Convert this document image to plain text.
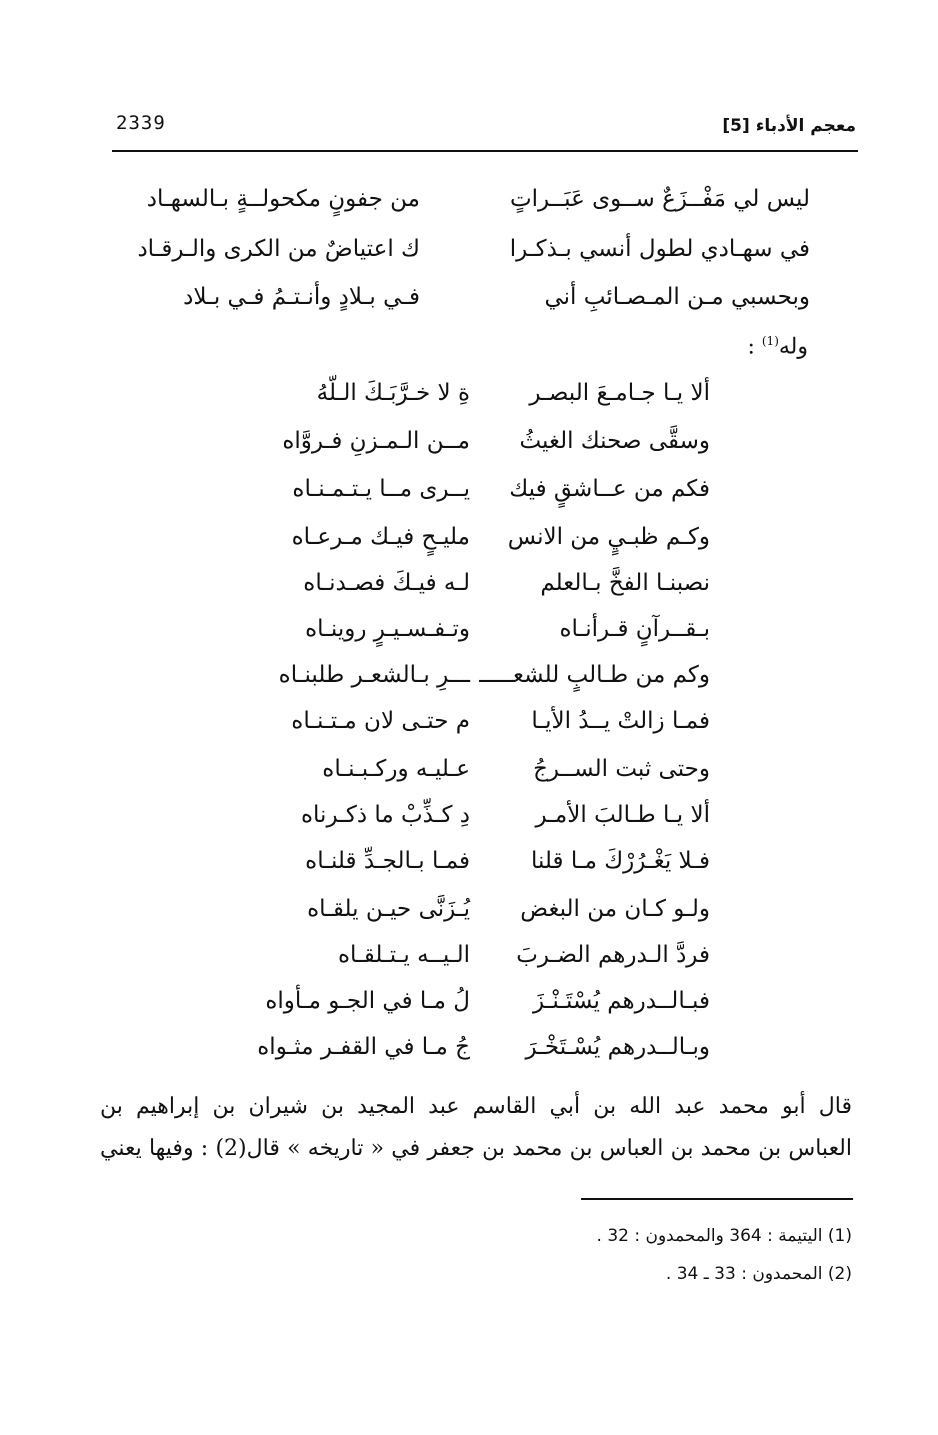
2339	معجم الأدباء [5]
ليس لي مَفْــزَعٌ ســوى عَبَــراتٍ
من جفونٍ مكحولــةٍ بـالسهـاد
في سهـادي لطول أنسي بـذكـرا
ك اعتياضٌ من الكرى والـرقـاد
وبحسبي مـن المـصـائبِ أني
فـي بـلادٍ وأنـتـمُ فـي بـلاد
وله$^{(1)}$ :
ألا يـا جـامـعَ البصـر
ةِ لا خـرَّبَـكَ الـلّهُ
وسقَّى صحنك الغيثُ
مــن الـمـزنِ فـروَّاه
فكم من عــاشقٍ فيك
يــرى مــا يـتـمـنـاه
وكـم ظبـيٍ من الانس
مليـحٍ فيـك مـرعـاه
نصبنـا الفخَّ بـالعلم
لـه فيـكَ فصـدنـاه
بـقــرآنٍ قـرأنـاه
وتـفـسـيـرٍ روينـاه
وكم من طـالبٍ للشعـــــ
ـــرِ بـالشعـر طلبنـاه
فمـا زالتْ يــدُ الأيـا
م حتـى لان مـتـنـاه
وحتى ثبت الســرجُ
عـليـه وركـبـنـاه
ألا يـا طـالبَ الأمـر
دِ كـذِّبْ ما ذكـرناه
فـلا يَغْـرُرْكَ مـا قلنا
فمـا بـالجـدِّ قلنـاه
ولـو كـان من البغض
يُـزَنَّى حيـن يلقـاه
فردَّ الـدرهم الضـربَ
الـيــه يـتـلقـاه
فبـالــدرهم يُسْتَـنْـزَ
لُ مـا في الجـو مـأواه
وبـالــدرهم يُسْـتَخْـرَ
جُ مـا في القفـر مثـواه
قال أبو محمد عبد الله بن أبي القاسم عبد المجيد بن شيران بن إبراهيم بن
العباس بن محمد بن العباس بن محمد بن جعفر في « تاريخه » قال(2) : وفيها يعني
(1) اليتيمة : 364 والمحمدون : 32 .
(2) المحمدون : 33 ـ 34 .
